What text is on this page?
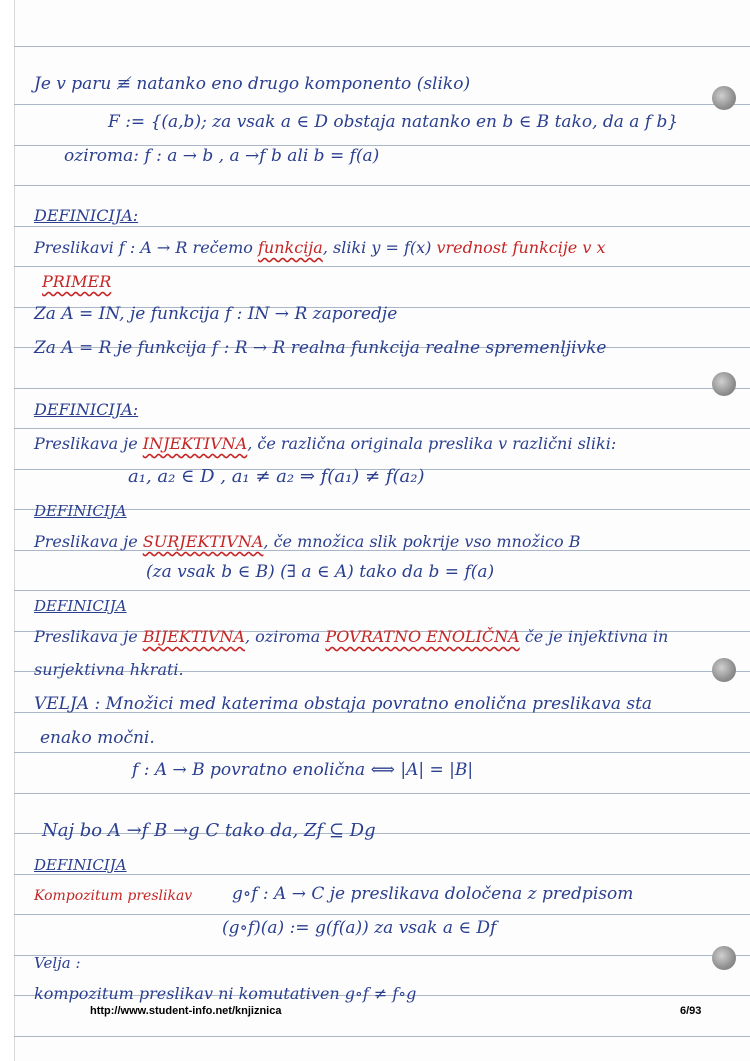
Je v paru ≢ natanko eno drugo komponento (sliko)
F := {(a,b); za vsak a ∈ D obstaja natanko en b ∈ B tako, da a f b}
oziroma: f : a → b , a →f b ali b = f(a)
DEFINICIJA:
Preslikavi f : A → R rečemo funkcija, sliki y = f(x) vrednost funkcije v x
PRIMER
Za A = IN, je funkcija f : IN → R zaporedje
Za A = R je funkcija f : R → R realna funkcija realne spremenljivke
DEFINICIJA:
Preslikava je INJEKTIVNA, če različna originala preslika v različni sliki:
a₁, a₂ ∈ D , a₁ ≠ a₂ ⇒ f(a₁) ≠ f(a₂)
DEFINICIJA
Preslikava je SURJEKTIVNA, če množica slik pokrije vso množico B
(za vsak b ∈ B) (∃ a ∈ A) tako da b = f(a)
DEFINICIJA
Preslikava je BIJEKTIVNA, oziroma POVRATNO ENOLIČNA če je injektivna in
surjektivna hkrati.
VELJA : Množici med katerima obstaja povratno enolična preslikava sta
enako močni.
f : A → B povratno enolična ⟺ |A| = |B|
Naj bo A →f B →g C tako da, Zf ⊆ Dg
DEFINICIJA
Kompozitum preslikav g∘f : A → C je preslikava določena z predpisom
(g∘f)(a) := g(f(a)) za vsak a ∈ Df
Velja :
kompozitum preslikav ni komutativen g∘f ≠ f∘g
http://www.student-info.net/knjiznica	6/93
